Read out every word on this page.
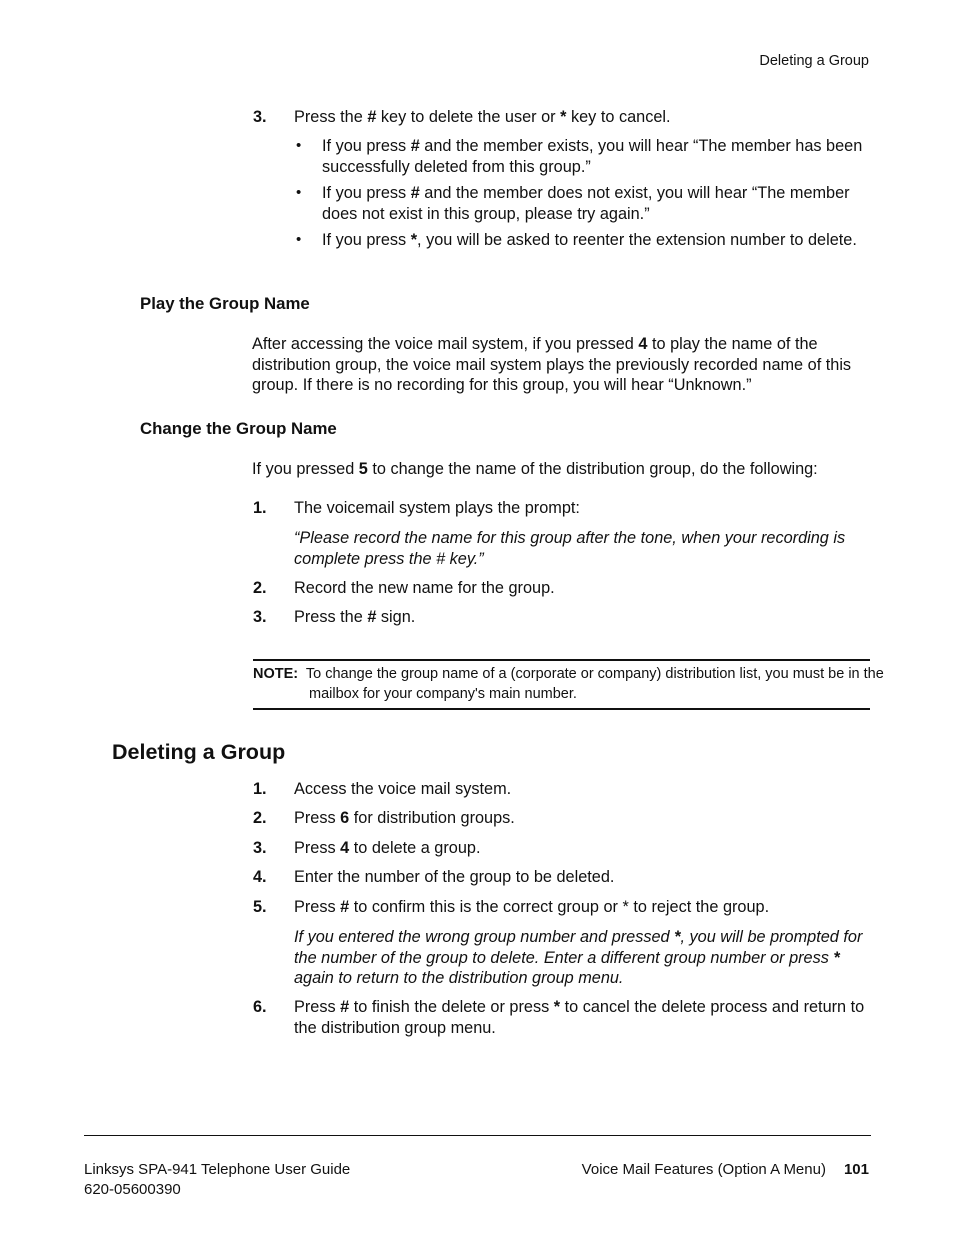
Deleting a Group
3. Press the # key to delete the user or * key to cancel.
• If you press # and the member exists, you will hear “The member has been successfully deleted from this group.”
• If you press # and the member does not exist, you will hear “The member does not exist in this group, please try again.”
• If you press *, you will be asked to reenter the extension number to delete.
Play the Group Name
After accessing the voice mail system, if you pressed 4 to play the name of the distribution group, the voice mail system plays the previously recorded name of this group. If there is no recording for this group, you will hear “Unknown.”
Change the Group Name
If you pressed 5 to change the name of the distribution group, do the following:
1. The voicemail system plays the prompt:
“Please record the name for this group after the tone, when your recording is complete press the # key.”
2. Record the new name for the group.
3. Press the # sign.
NOTE: To change the group name of a (corporate or company) distribution list, you must be in the mailbox for your company's main number.
Deleting a Group
1. Access the voice mail system.
2. Press 6 for distribution groups.
3. Press 4 to delete a group.
4. Enter the number of the group to be deleted.
5. Press # to confirm this is the correct group or * to reject the group.
If you entered the wrong group number and pressed *, you will be prompted for the number of the group to delete. Enter a different group number or press * again to return to the distribution group menu.
6. Press # to finish the delete or press * to cancel the delete process and return to the distribution group menu.
Linksys SPA-941 Telephone User Guide
620-05600390
Voice Mail Features (Option A Menu) 101
